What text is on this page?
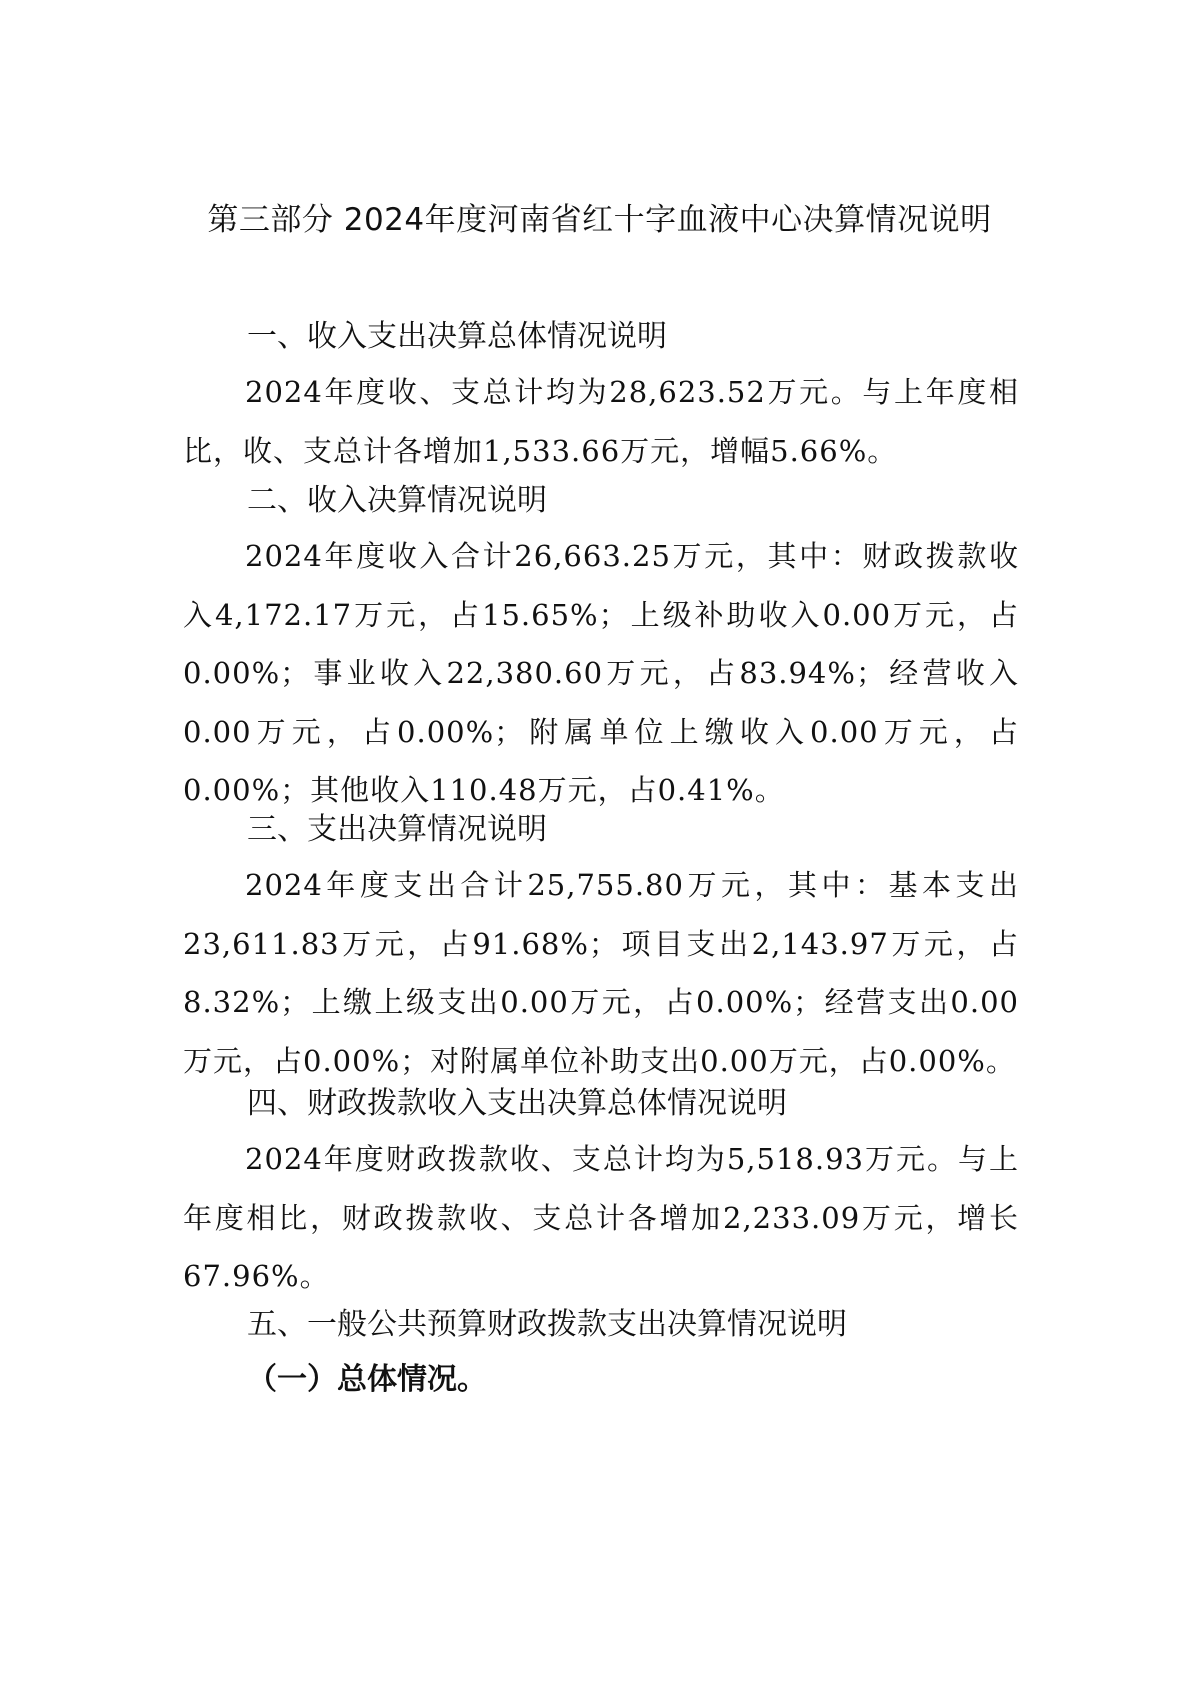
第三部分 2024年度河南省红十字血液中心决算情况说明
一、收入支出决算总体情况说明
2024年度收、支总计均为28,623.52万元。与上年度相比，收、支总计各增加1,533.66万元，增幅5.66%。
二、收入决算情况说明
2024年度收入合计26,663.25万元，其中：财政拨款收入4,172.17万元，占15.65%；上级补助收入0.00万元，占0.00%；事业收入22,380.60万元，占83.94%；经营收入0.00万元，占0.00%；附属单位上缴收入0.00万元，占0.00%；其他收入110.48万元，占0.41%。
三、支出决算情况说明
2024年度支出合计25,755.80万元，其中：基本支出23,611.83万元，占91.68%；项目支出2,143.97万元，占8.32%；上缴上级支出0.00万元，占0.00%；经营支出0.00万元，占0.00%；对附属单位补助支出0.00万元，占0.00%。
四、财政拨款收入支出决算总体情况说明
2024年度财政拨款收、支总计均为5,518.93万元。与上年度相比，财政拨款收、支总计各增加2,233.09万元，增长67.96%。
五、一般公共预算财政拨款支出决算情况说明
（一）总体情况。
